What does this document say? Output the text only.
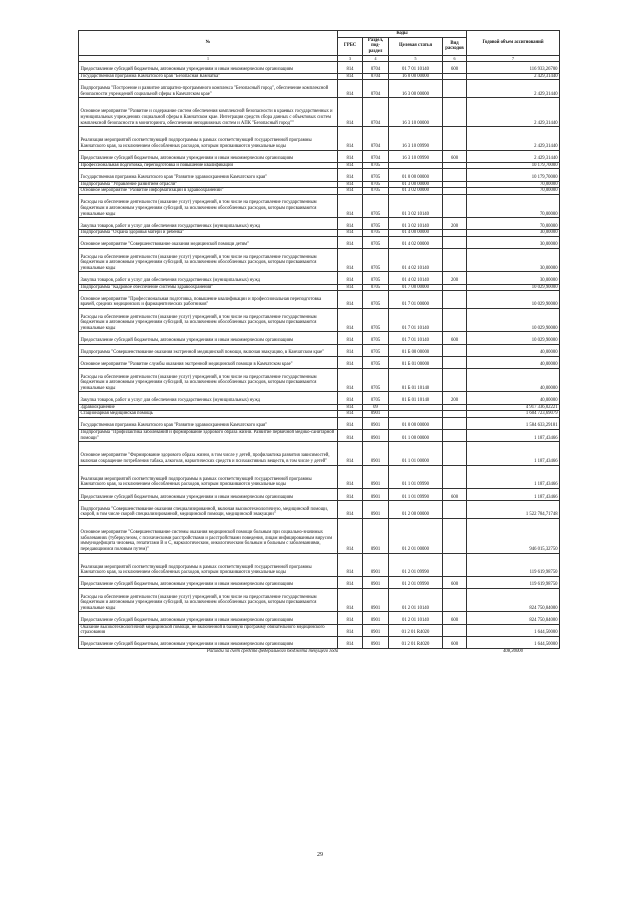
№	Коды				Годовой объем ассигнований
	ГРБС	Раздел, под-раздел	Целевая статья	Вид расходов	
1	3	4	5	6	7
Предоставление субсидий бюджетным, автономным учреждениям и иным некоммерческим организациям	814	0704	01 7 01 10140	600	116 933,26700
Государственная программа Камчатского края "Безопасная Камчатка"	814	0704	16 0 00 00000		2 429,31440
Подпрограмма "Построение и развитие аппаратно-программного комплекса "Безопасный город", обеспечение комплексной безопасности учреждений социальной сферы в Камчатском крае"	814	0704	16 3 00 00000		2 429,31440
Основное мероприятие "Развитие и содержание систем обеспечения комплексной безопасности в краевых государственных и муниципальных учреждениях социальной сферы в Камчатском крае. Интеграция средств сбора данных с объектовых систем комплексной безопасности в мониторинга, обеспечения неподвижных систем и АПК "Безопасный город""	814	0704	16 3 10 00000		2 429,31440
Реализация мероприятий соответствующей подпрограммы в рамках соответствующей государственной программы Камчатского края, за исключением обособленных расходов, которым присваиваются уникальные коды	814	0704	16 3 10 09990		2 429,31440
Предоставление субсидий бюджетным, автономным учреждениям и иным некоммерческим организациям	814	0704	16 3 10 09990	600	2 429,31440
Профессиональная подготовка, переподготовка и повышение квалификации	814	0705			10 179,70000
Государственная программа Камчатского края "Развитие здравоохранения Камчатского края"	814	0705	01 0 00 00000		10 179,70000
Подпрограмма "Управление развитием отрасли"	814	0705	01 3 00 00000		70,00000
Основное мероприятие "Развитие информатизации в здравоохранении"	814	0705	01 3 02 00000		70,00000
Расходы на обеспечение деятельности (оказание услуг) учреждений, в том числе на предоставление государственным бюджетным и автономным учреждениям субсидий, за исключением обособленных расходов, которым присваиваются уникальные коды	814	0705	01 3 02 10140		70,00000
Закупка товаров, работ и услуг для обеспечения государственных (муниципальных) нужд	814	0705	01 3 02 10140	200	70,00000
Подпрограмма "Охрана здоровья матери и ребенка"	814	0705	01 4 00 00000		30,00000
Основное мероприятие "Совершенствование оказания медицинской помощи детям"	814	0705	01 4 02 00000		30,00000
Расходы на обеспечение деятельности (оказание услуг) учреждений, в том числе на предоставление государственным бюджетным и автономным учреждениям субсидий, за исключением обособленных расходов, которым присваиваются уникальные коды	814	0705	01 4 02 10140		30,00000
Закупка товаров, работ и услуг для обеспечения государственных (муниципальных) нужд	814	0705	01 4 02 10140	200	30,00000
Подпрограмма "Кадровое обеспечение системы здравоохранения"	814	0705	01 7 00 00000		10 029,90000
Основное мероприятие "Профессиональная подготовка, повышение квалификации и профессиональная переподготовка врачей, средних медицинских и фармацевтических работников"	814	0705	01 7 01 00000		10 029,90000
Расходы на обеспечение деятельности (оказание услуг) учреждений, в том числе на предоставление государственным бюджетным и автономным учреждениям субсидий, за исключением обособленных расходов, которым присваиваются уникальные коды	814	0705	01 7 01 10140		10 029,90000
Предоставление субсидий бюджетным, автономным учреждениям и иным некоммерческим организациям	814	0705	01 7 01 10140	600	10 029,90000
Подпрограмма "Совершенствование оказания экстренной медицинской помощи, включая эвакуацию, в Камчатском крае"	814	0705	01 Б 00 00000		40,00000
Основное мероприятие "Развитие службы оказания экстренной медицинской помощи в Камчатском крае"	814	0705	01 Б 01 00000		40,00000
Расходы на обеспечение деятельности (оказание услуг) учреждений, в том числе на предоставление государственным бюджетным и автономным учреждениям субсидий, за исключением обособленных расходов, которым присваиваются уникальные коды	814	0705	01 Б 01 10140		40,00000
Закупка товаров, работ и услуг для обеспечения государственных (муниципальных) нужд	814	0705	01 Б 01 10140	200	40,00000
Здравоохранение	814	09			4 917 336,02221
Стационарная медицинская помощь	814	0901			1 604 723,69079
Государственная программа Камчатского края "Развитие здравоохранения Камчатского края"	814	0901	01 0 00 00000		1 584 633,29181
Подпрограмма "Профилактика заболеваний и формирование здорового образа жизни. Развитие первичной медико-санитарной помощи"	814	0901	01 1 00 00000		1 187,43466
Основное мероприятие "Формирование здорового образа жизни, в том числе у детей, профилактика развития зависимостей, включая сокращение потребления табака, алкоголя, наркотических средств и психоактивных веществ, в том числе у детей"	814	0901	01 1 01 00000		1 187,43466
Реализация мероприятий соответствующей подпрограммы в рамках соответствующей государственной программы Камчатского края, за исключением обособленных расходов, которым присваиваются уникальные коды	814	0901	01 1 01 09990		1 187,43466
Предоставление субсидий бюджетным, автономным учреждениям и иным некоммерческим организациям	814	0901	01 1 01 09990	600	1 187,43466
Подпрограмма "Совершенствование оказания специализированной, включая высокотехнологичную, медицинской помощи, скорой, в том числе скорой специализированной, медицинской помощи, медицинской эвакуации"	814	0901	01 2 00 00000		1 522 784,71748
Основное мероприятие "Совершенствование системы оказания медицинской помощи больным при социально-значимых заболеваниях (туберкулезом, с психическими расстройствами и расстройствами поведения, лицам инфицированным вирусом иммунодефицита человека, гепатитами В и С, наркологическим, онкологическим больным и больным с заболеваниями, передающимися половым путем)"	814	0901	01 2 01 00000		946 015,32750
Реализация мероприятий соответствующей подпрограммы в рамках соответствующей государственной программы Камчатского края, за исключением обособленных расходов, которым присваиваются уникальные коды	814	0901	01 2 01 09990		119 619,98750
Предоставление субсидий бюджетным, автономным учреждениям и иным некоммерческим организациям	814	0901	01 2 01 09990	600	119 619,98750
Расходы на обеспечение деятельности (оказание услуг) учреждений, в том числе на предоставление государственным бюджетным и автономным учреждениям субсидий, за исключением обособленных расходов, которым присваиваются уникальные коды	814	0901	01 2 01 10140		824 750,84000
Предоставление субсидий бюджетным, автономным учреждениям и иным некоммерческим организациям	814	0901	01 2 01 10140	600	824 750,84000
Оказание высокотехнологичной медицинской помощи, не включенной в базовую программу обязательного медицинского страхования	814	0901	01 2 01 R4020		1 644,50000
Предоставление субсидий бюджетным, автономным учреждениям и иным некоммерческим организациям	814	0901	01 2 01 R4020	600	1 644,50000
Расходы за счет средств федерального бюджета текущего года					408,30000
29
